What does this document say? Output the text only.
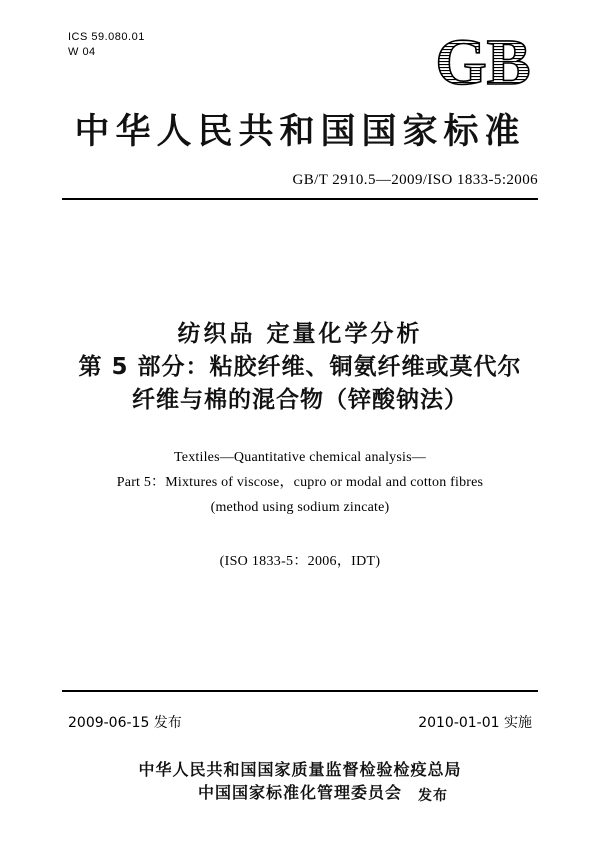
ICS 59.080.01
W 04	GB
中华人民共和国国家标准
GB/T 2910.5—2009/ISO 1833-5:2006
纺织品 定量化学分析
第 5 部分：粘胶纤维、铜氨纤维或莫代尔
纤维与棉的混合物（锌酸钠法）
Textiles—Quantitative chemical analysis—
Part 5：Mixtures of viscose，cupro or modal and cotton fibres
(method using sodium zincate)
(ISO 1833-5：2006，IDT)
2009-06-15 发布	2010-01-01 实施
中华人民共和国国家质量监督检验检疫总局
中国国家标准化管理委员会 发布
